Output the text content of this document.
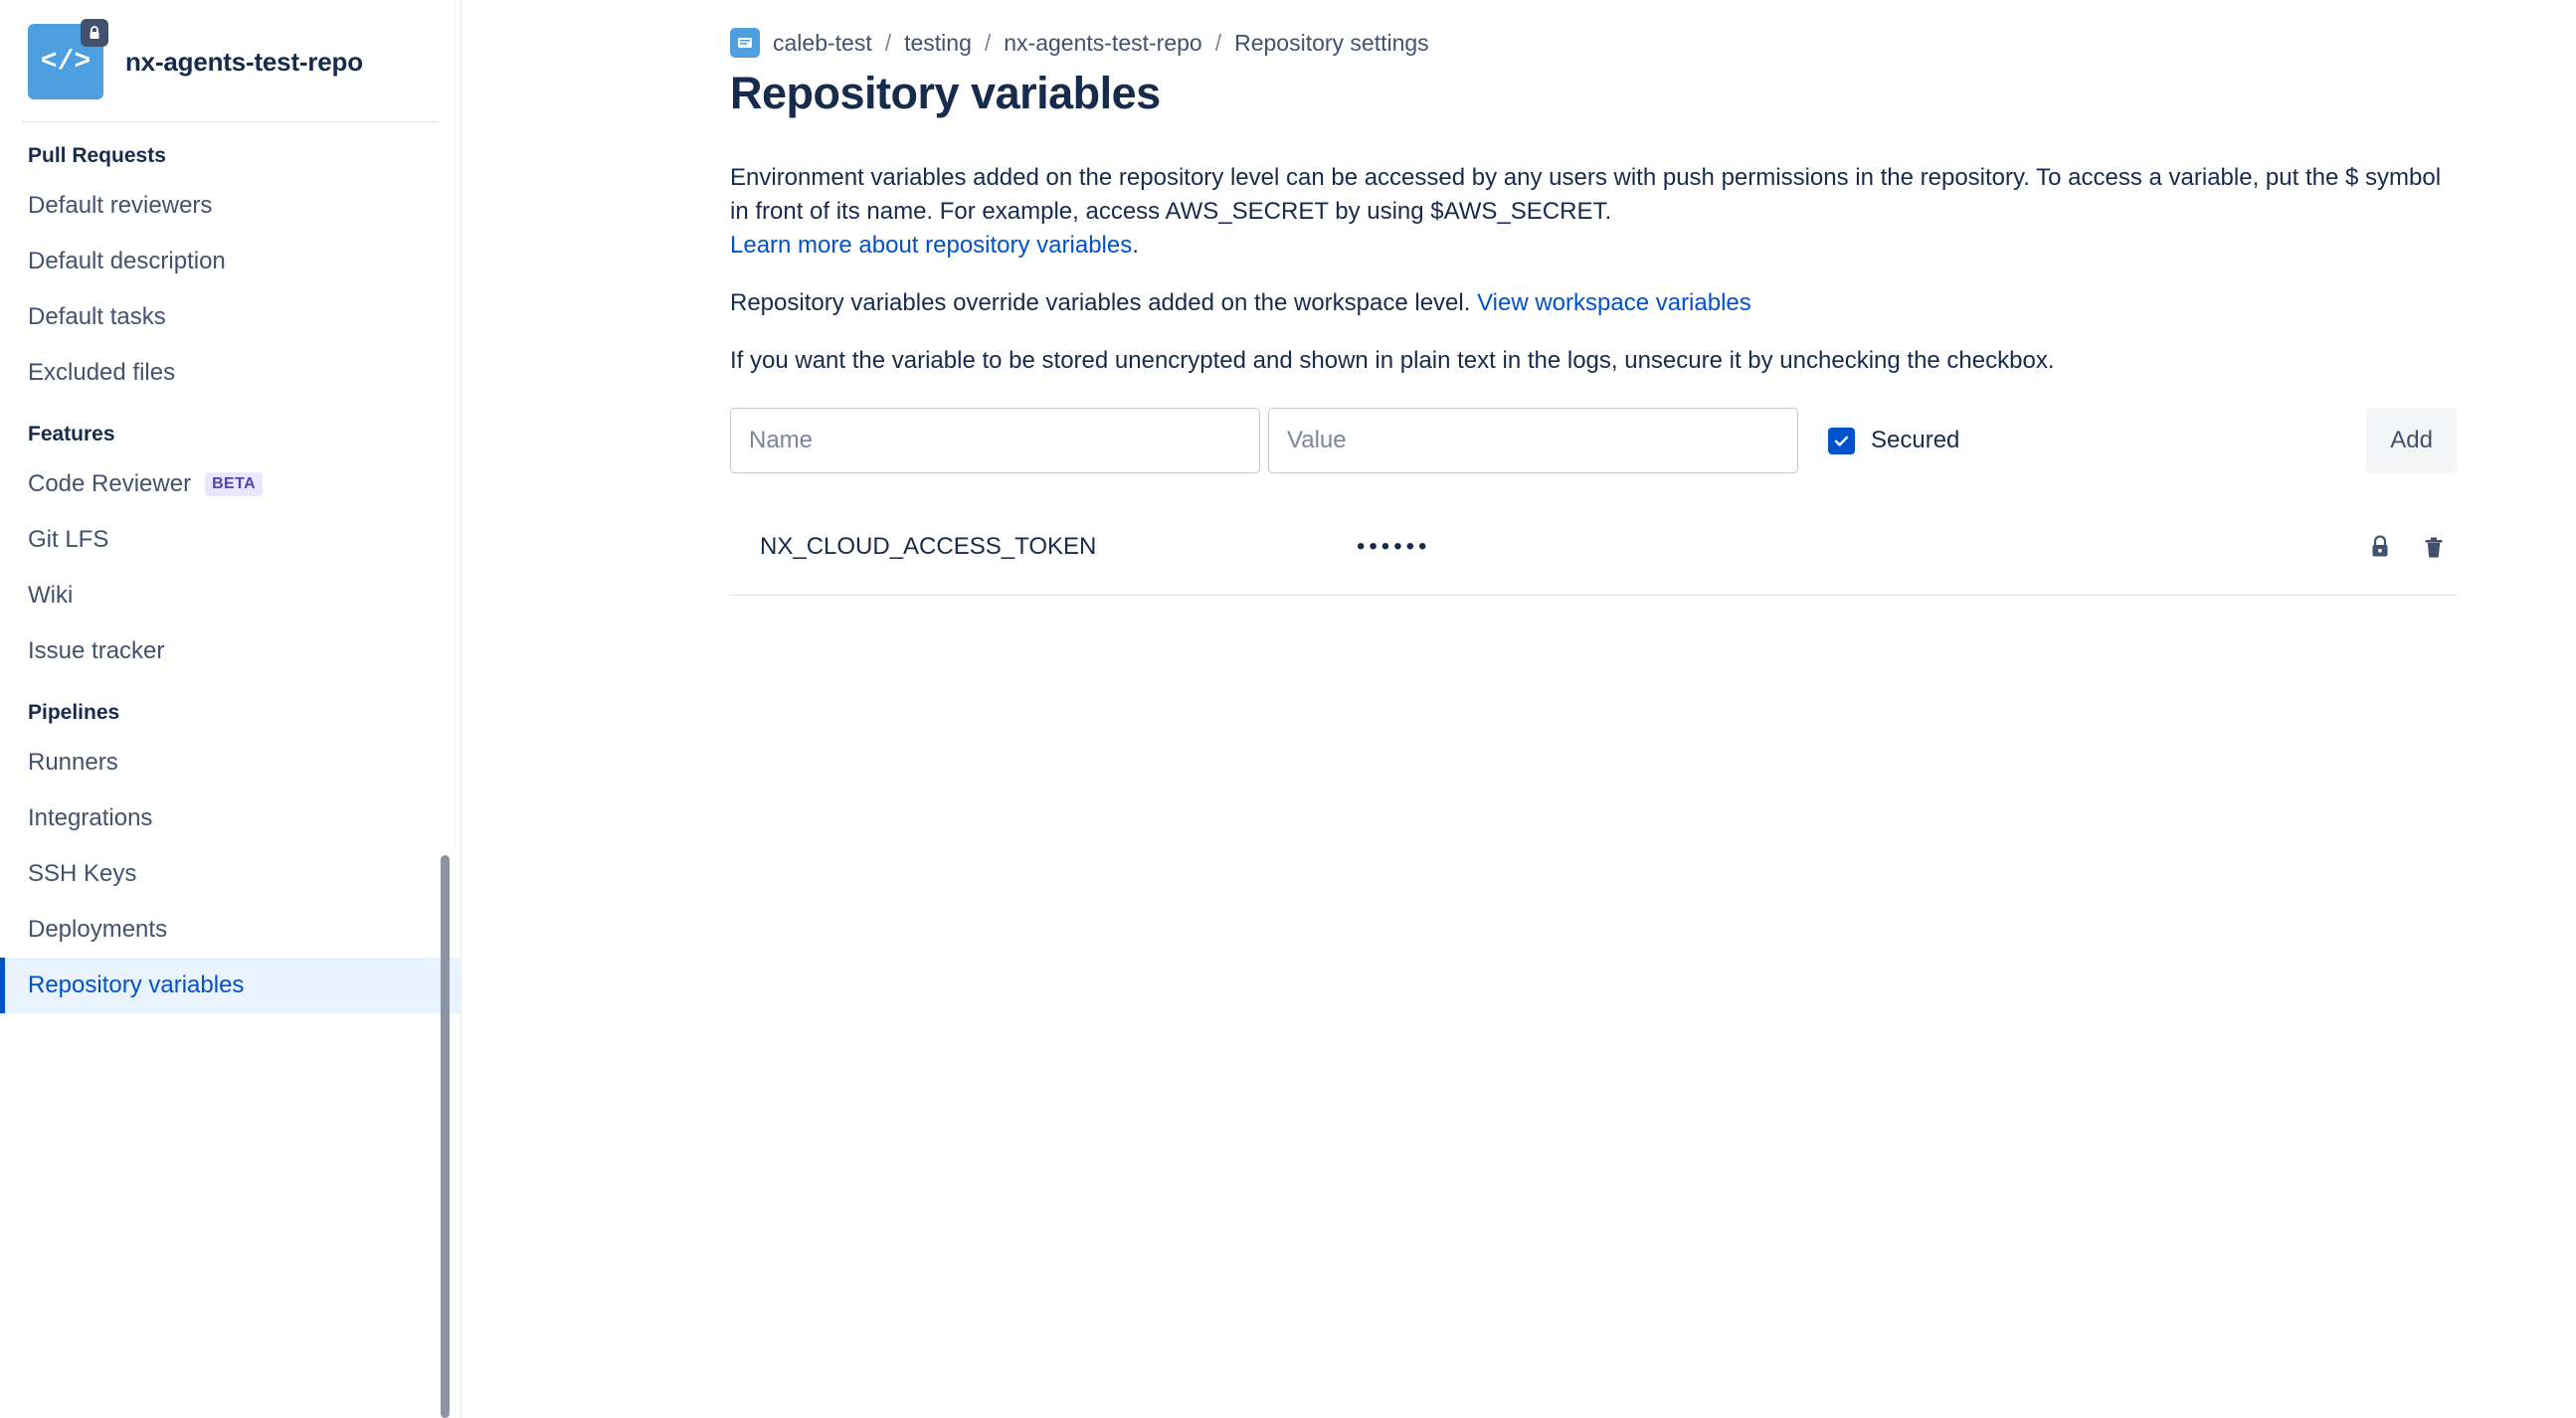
</> nx-agents-test-repo
Pull Requests
Default reviewers
Default description
Default tasks
Excluded files
Features
Code Reviewer	BETA
Git LFS
Wiki
Issue tracker
Pipelines
Runners
Integrations
SSH Keys
Deployments
Repository variables
caleb-test / testing / nx-agents-test-repo / Repository settings
Repository variables

Environment variables added on the repository level can be accessed by any users with push permissions in the repository. To access a variable, put the $ symbol in front of its name. For example, access AWS_SECRET by using $AWS_SECRET.
Learn more about repository variables.

Repository variables override variables added on the workspace level. View workspace variables

If you want the variable to be stored unencrypted and shown in plain text in the logs, unsecure it by unchecking the checkbox.

Name
Value
Secured	Add
NX_CLOUD_ACCESS_TOKEN	••••••
